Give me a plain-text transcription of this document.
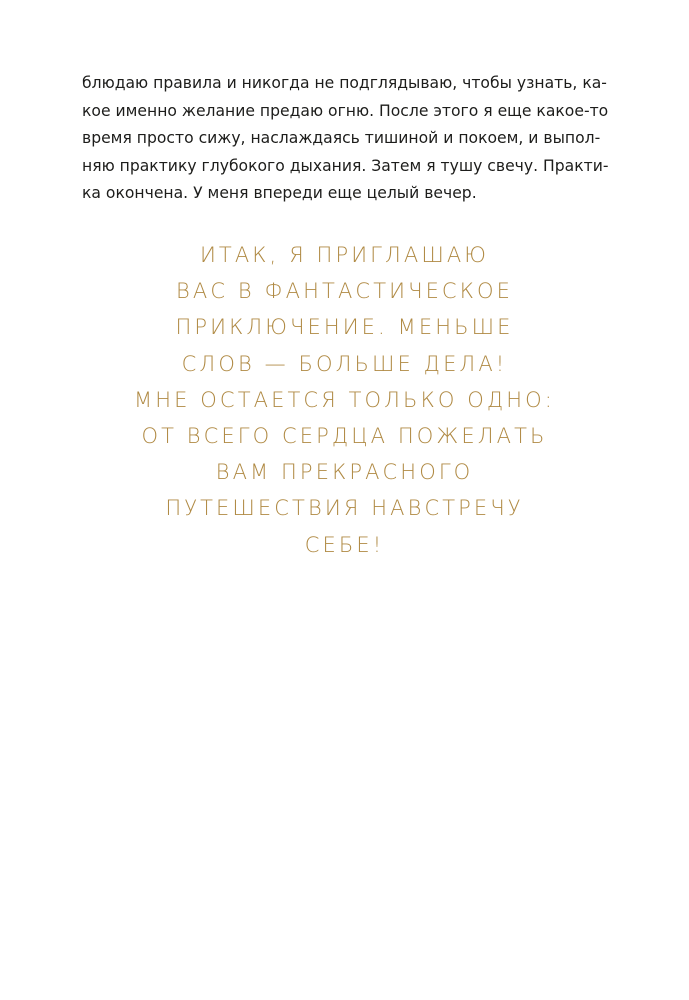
блюдаю правила и никогда не подглядываю, чтобы узнать, ка-
кое именно желание предаю огню. После этого я еще какое-то
время просто сижу, наслаждаясь тишиной и покоем, и выпол-
няю практику глубокого дыхания. Затем я тушу свечу. Практи-
ка окончена. У меня впереди еще целый вечер.

ИТАК, Я ПРИГЛАШАЮ
ВАС В ФАНТАСТИЧЕСКОЕ
ПРИКЛЮЧЕНИЕ. МЕНЬШЕ
СЛОВ — БОЛЬШЕ ДЕЛА!
МНЕ ОСТАЕТСЯ ТОЛЬКО ОДНО:
ОТ ВСЕГО СЕРДЦА ПОЖЕЛАТЬ
ВАМ ПРЕКРАСНОГО
ПУТЕШЕСТВИЯ НАВСТРЕЧУ
СЕБЕ!
